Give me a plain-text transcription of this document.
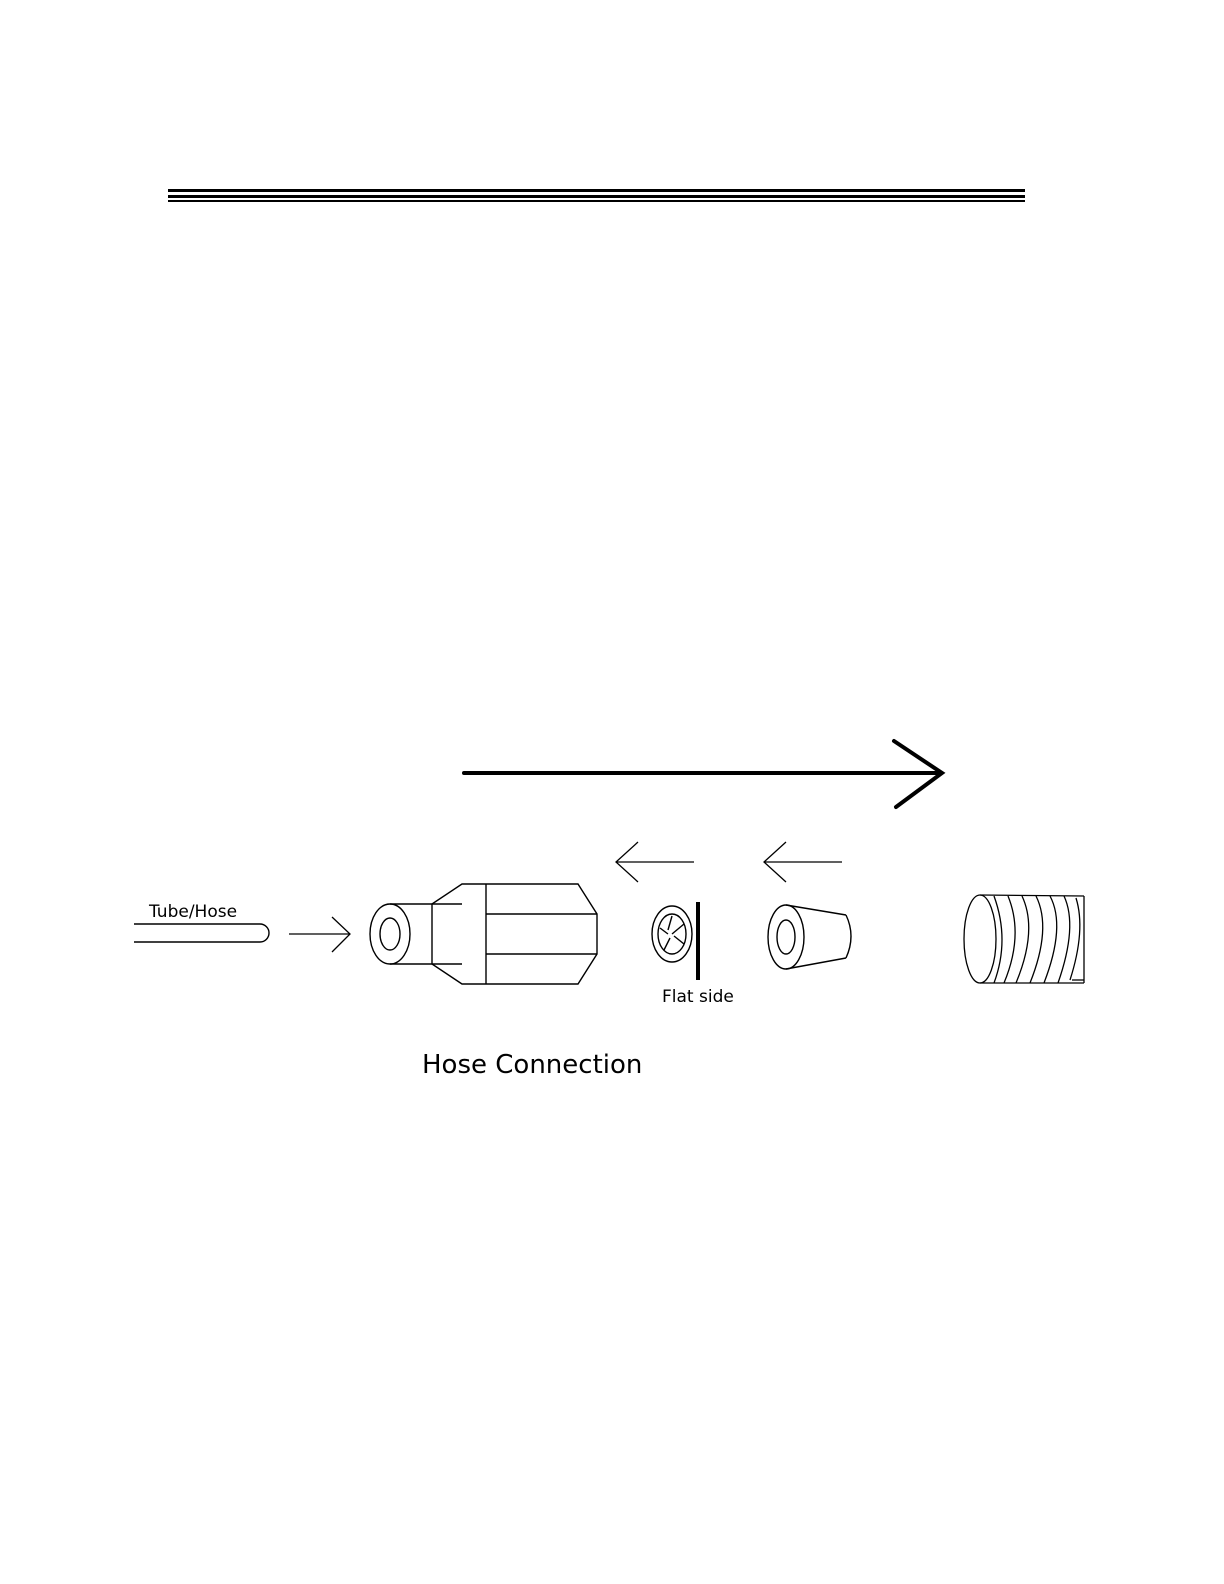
Tube/Hose
Flat side
Hose Connection
